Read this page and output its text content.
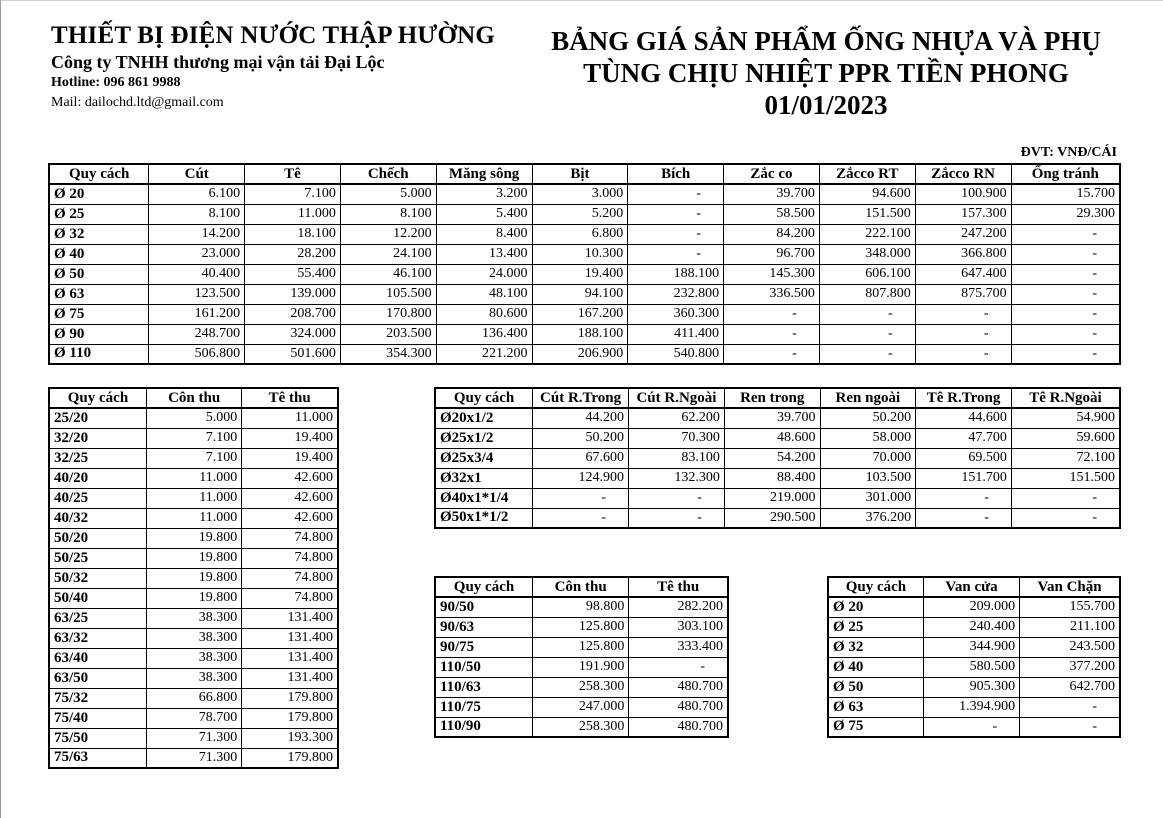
THIẾT BỊ ĐIỆN NƯỚC THẬP HƯỜNG
Công ty TNHH thương mại vận tải Đại Lộc
Hotline: 096 861 9988
Mail: dailochd.ltd@gmail.com
BẢNG GIÁ SẢN PHẨM ỐNG NHỰA VÀ PHỤ
TÙNG CHỊU NHIỆT PPR TIỀN PHONG
01/01/2023
ĐVT: VNĐ/CÁI
Quy cách	Cút	Tê	Chếch	Măng sông	Bịt	Bích	Zắc co	Zắcco RT	Zắcco RN	Ống tránh
Ø 20	6.100	7.100	5.000	3.200	3.000	-	39.700	94.600	100.900	15.700
Ø 25	8.100	11.000	8.100	5.400	5.200	-	58.500	151.500	157.300	29.300
Ø 32	14.200	18.100	12.200	8.400	6.800	-	84.200	222.100	247.200	-
Ø 40	23.000	28.200	24.100	13.400	10.300	-	96.700	348.000	366.800	-
Ø 50	40.400	55.400	46.100	24.000	19.400	188.100	145.300	606.100	647.400	-
Ø 63	123.500	139.000	105.500	48.100	94.100	232.800	336.500	807.800	875.700	-
Ø 75	161.200	208.700	170.800	80.600	167.200	360.300	-	-	-	-
Ø 90	248.700	324.000	203.500	136.400	188.100	411.400	-	-	-	-
Ø 110	506.800	501.600	354.300	221.200	206.900	540.800	-	-	-	-
Quy cách	Côn thu	Tê thu
25/20	5.000	11.000
32/20	7.100	19.400
32/25	7.100	19.400
40/20	11.000	42.600
40/25	11.000	42.600
40/32	11.000	42.600
50/20	19.800	74.800
50/25	19.800	74.800
50/32	19.800	74.800
50/40	19.800	74.800
63/25	38.300	131.400
63/32	38.300	131.400
63/40	38.300	131.400
63/50	38.300	131.400
75/32	66.800	179.800
75/40	78.700	179.800
75/50	71.300	193.300
75/63	71.300	179.800
Quy cách	Cút R.Trong	Cút R.Ngoài	Ren trong	Ren ngoài	Tê R.Trong	Tê R.Ngoài
Ø20x1/2	44.200	62.200	39.700	50.200	44.600	54.900
Ø25x1/2	50.200	70.300	48.600	58.000	47.700	59.600
Ø25x3/4	67.600	83.100	54.200	70.000	69.500	72.100
Ø32x1	124.900	132.300	88.400	103.500	151.700	151.500
Ø40x1*1/4	-	-	219.000	301.000	-	-
Ø50x1*1/2	-	-	290.500	376.200	-	-
Quy cách	Côn thu	Tê thu
90/50	98.800	282.200
90/63	125.800	303.100
90/75	125.800	333.400
110/50	191.900	-
110/63	258.300	480.700
110/75	247.000	480.700
110/90	258.300	480.700
Quy cách	Van cửa	Van Chặn
Ø 20	209.000	155.700
Ø 25	240.400	211.100
Ø 32	344.900	243.500
Ø 40	580.500	377.200
Ø 50	905.300	642.700
Ø 63	1.394.900	-
Ø 75	-	-
